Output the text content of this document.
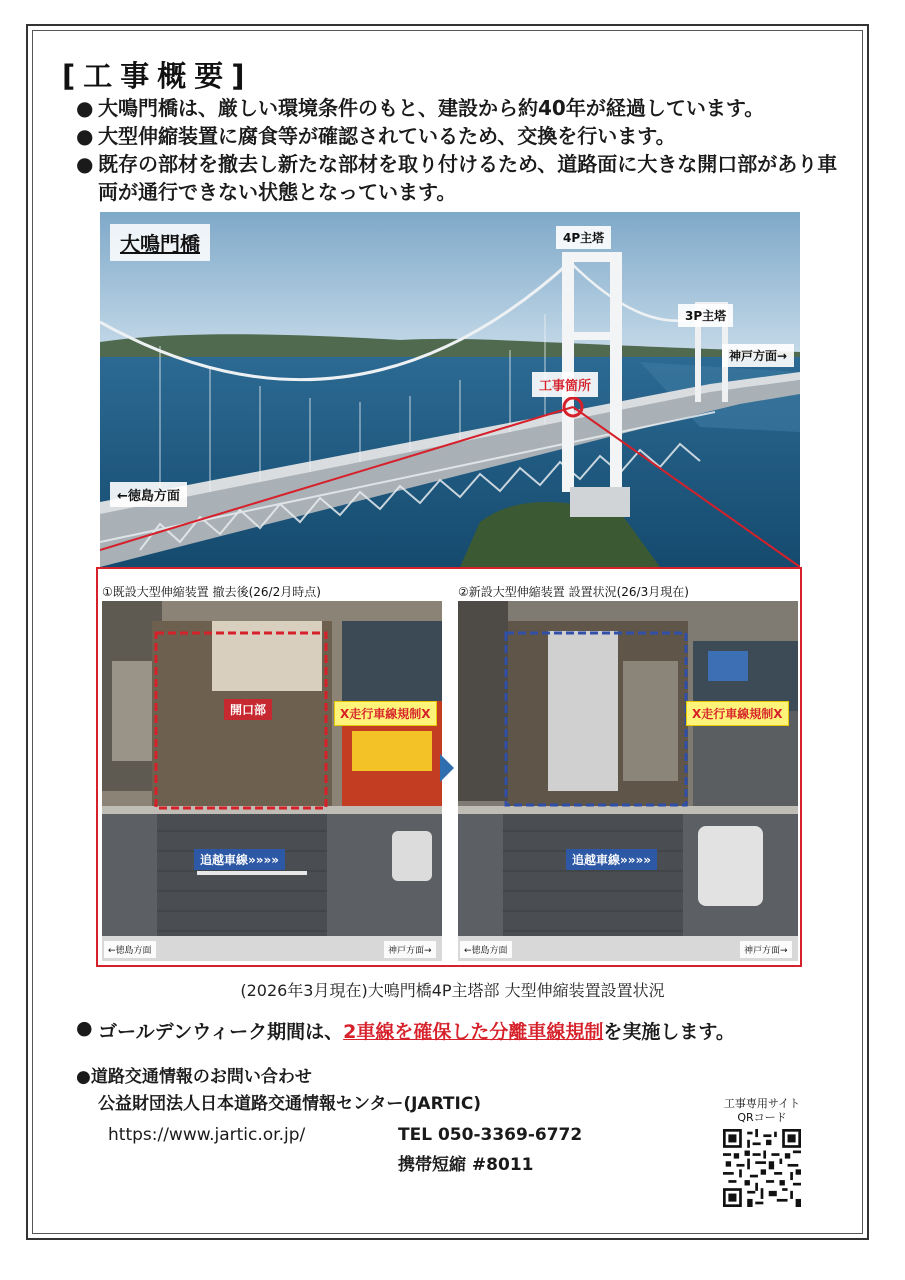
[工事概要]
● 大鳴門橋は、厳しい環境条件のもと、建設から約40年が経過しています。
● 大型伸縮装置に腐食等が確認されているため、交換を行います。
● 既存の部材を撤去し新たな部材を取り付けるため、道路面に大きな開口部があり車両が通行できない状態となっています。
大鳴門橋	4P主塔
3P主塔
神戸方面→
←徳島方面
工事箇所
①既設大型伸縮装置 撤去後(26/2月時点)	②新設大型伸縮装置 設置状況(26/3月現在)
開口部	X走行車線規制X
追越車線»»»»
←徳島方面	神戸方面→
X走行車線規制X
追越車線»»»»
←徳島方面	神戸方面→
(2026年3月現在)大鳴門橋4P主塔部 大型伸縮装置設置状況
● ゴールデンウィーク期間は、 2車線を確保した分離車線規制 を実施します。
●道路交通情報のお問い合わせ
公益財団法人日本道路交通情報センター(JARTIC)
https://www.jartic.or.jp/	TEL 050-3369-6772
携帯短縮 #8011
工事専用サイト
QRコード
